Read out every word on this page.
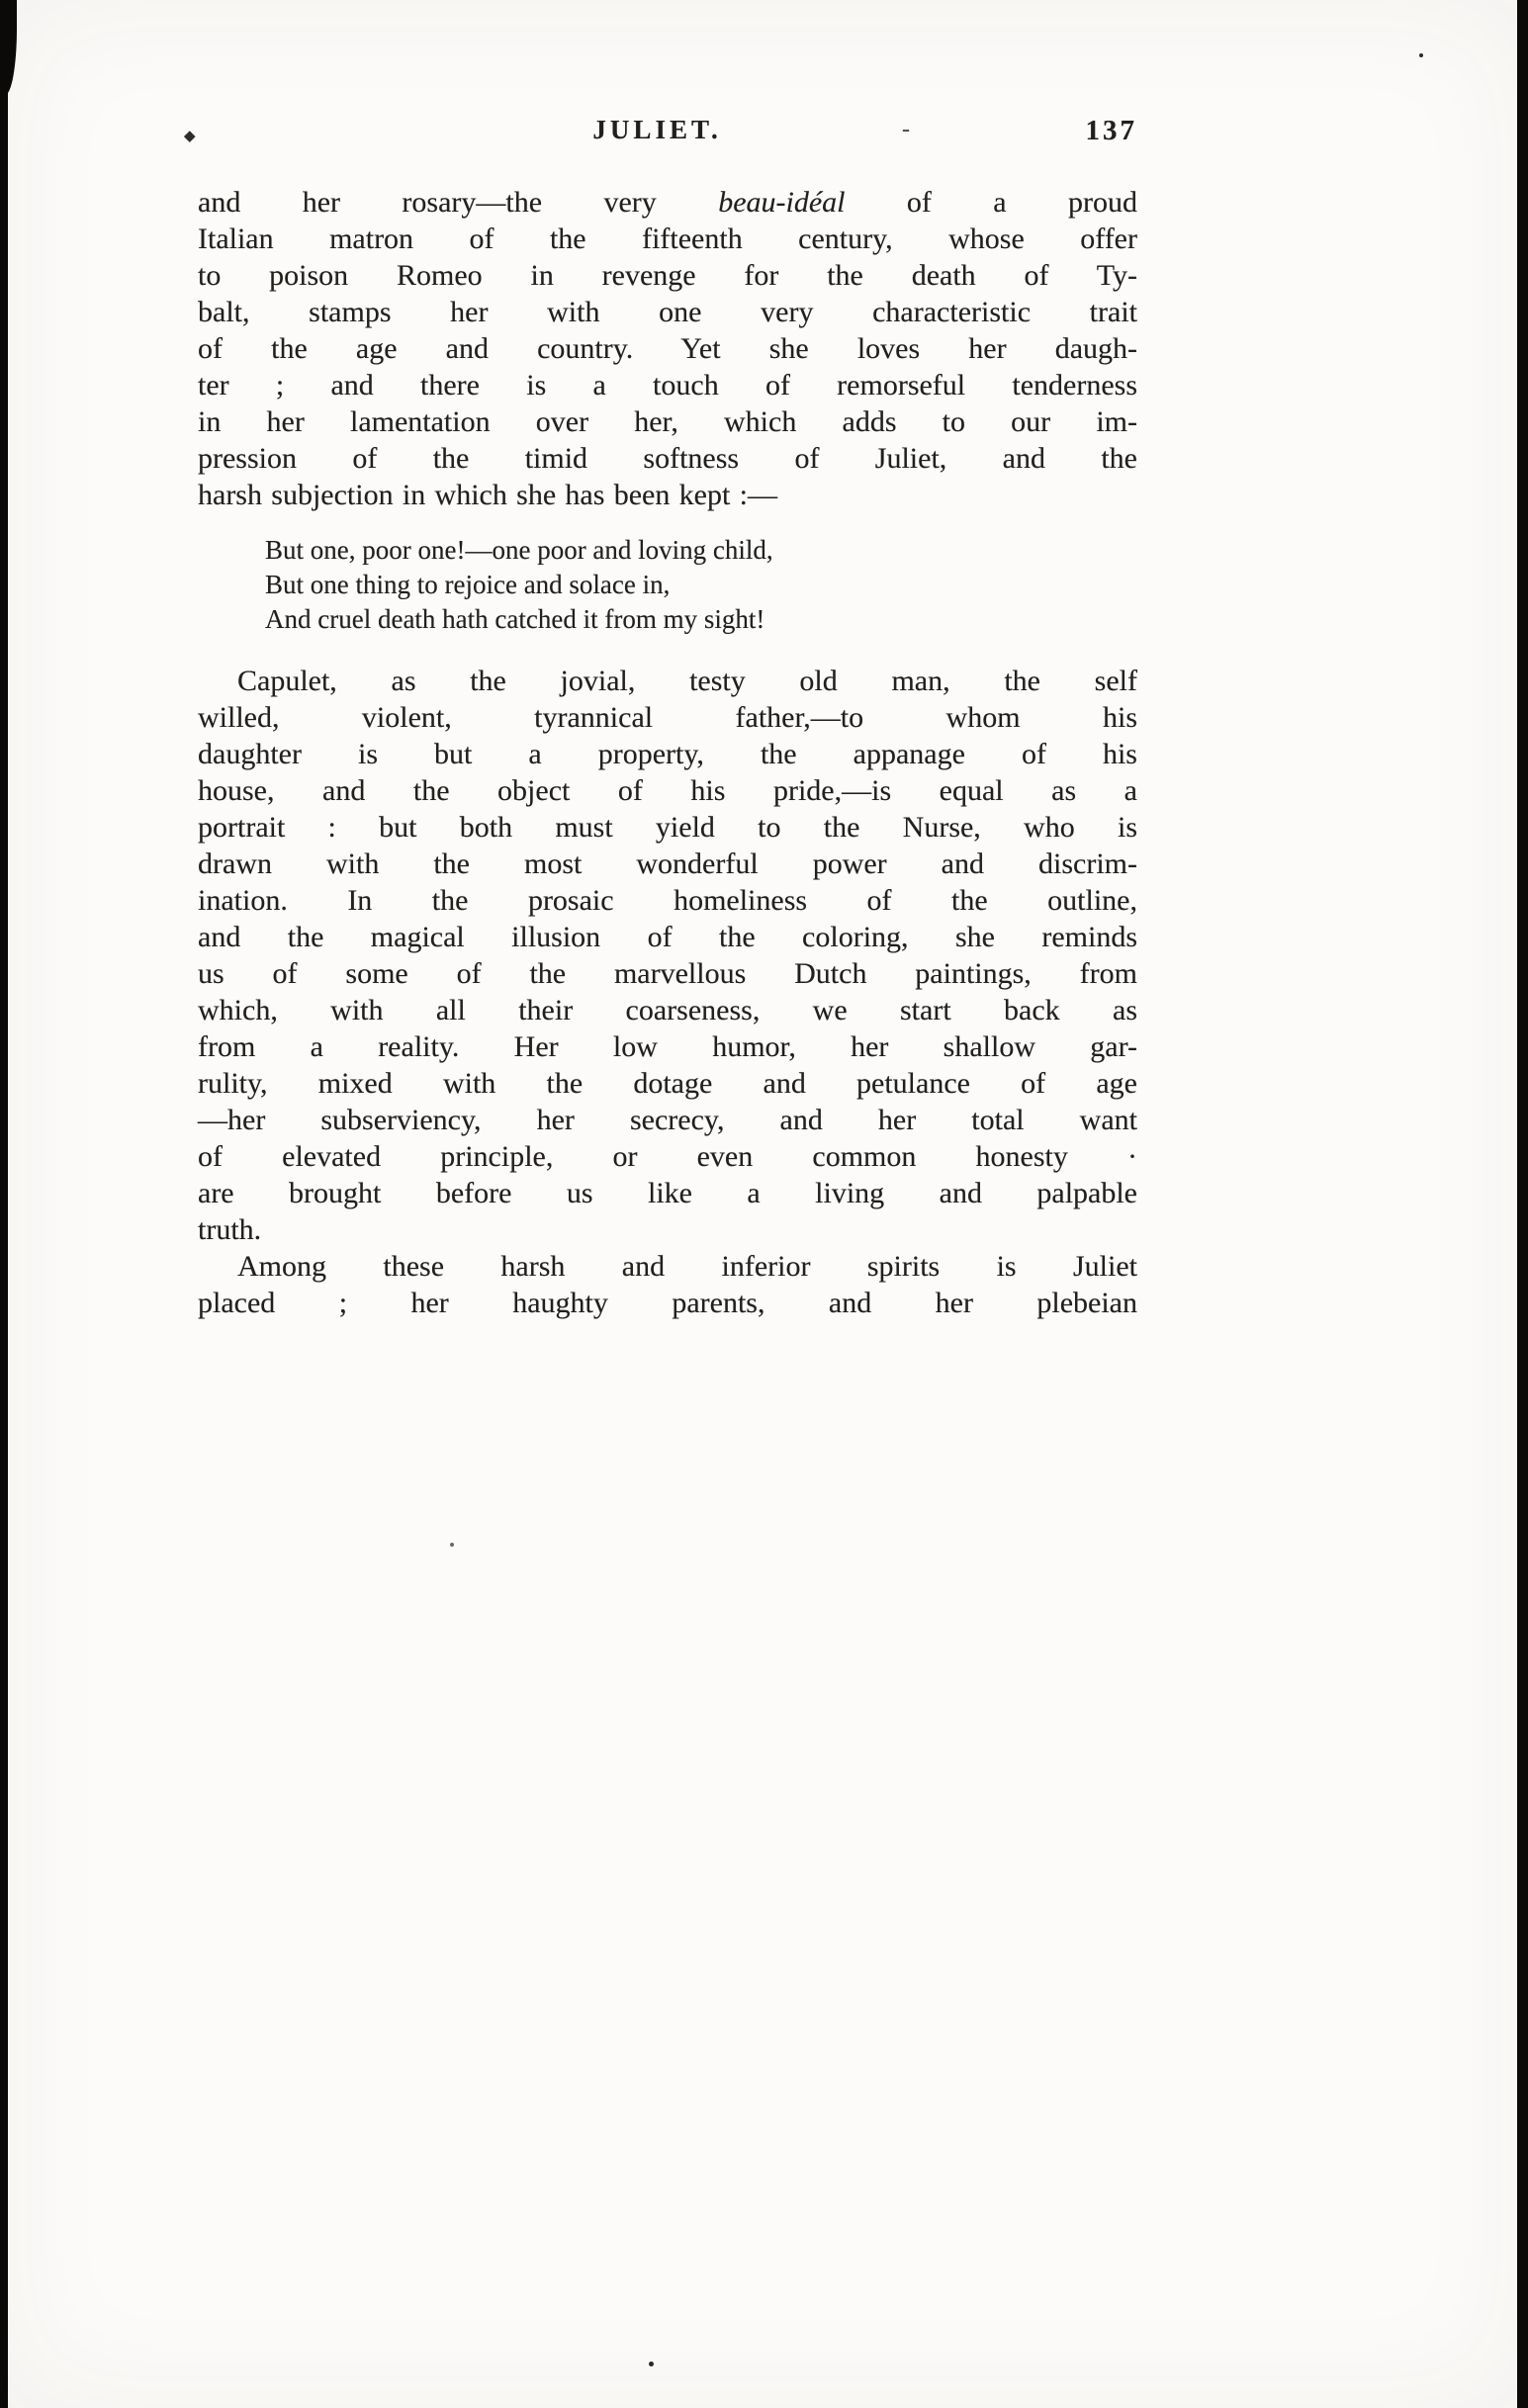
◆	JULIET.	-	137
and her rosary—the very beau-idéal of a proud
Italian matron of the fifteenth century, whose offer
to poison Romeo in revenge for the death of Ty-
balt, stamps her with one very characteristic trait
of the age and country. Yet she loves her daugh-
ter ; and there is a touch of remorseful tenderness
in her lamentation over her, which adds to our im-
pression of the timid softness of Juliet, and the
harsh subjection in which she has been kept :—
But one, poor one!—one poor and loving child,
But one thing to rejoice and solace in,
And cruel death hath catched it from my sight!
Capulet, as the jovial, testy old man, the self
willed, violent, tyrannical father,—to whom his
daughter is but a property, the appanage of his
house, and the object of his pride,—is equal as a
portrait : but both must yield to the Nurse, who is
drawn with the most wonderful power and discrim-
ination. In the prosaic homeliness of the outline,
and the magical illusion of the coloring, she reminds
us of some of the marvellous Dutch paintings, from
which, with all their coarseness, we start back as
from a reality. Her low humor, her shallow gar-
rulity, mixed with the dotage and petulance of age
—her subserviency, her secrecy, and her total want
of elevated principle, or even common honesty ·
are brought before us like a living and palpable
truth.
Among these harsh and inferior spirits is Juliet
placed ; her haughty parents, and her plebeian
